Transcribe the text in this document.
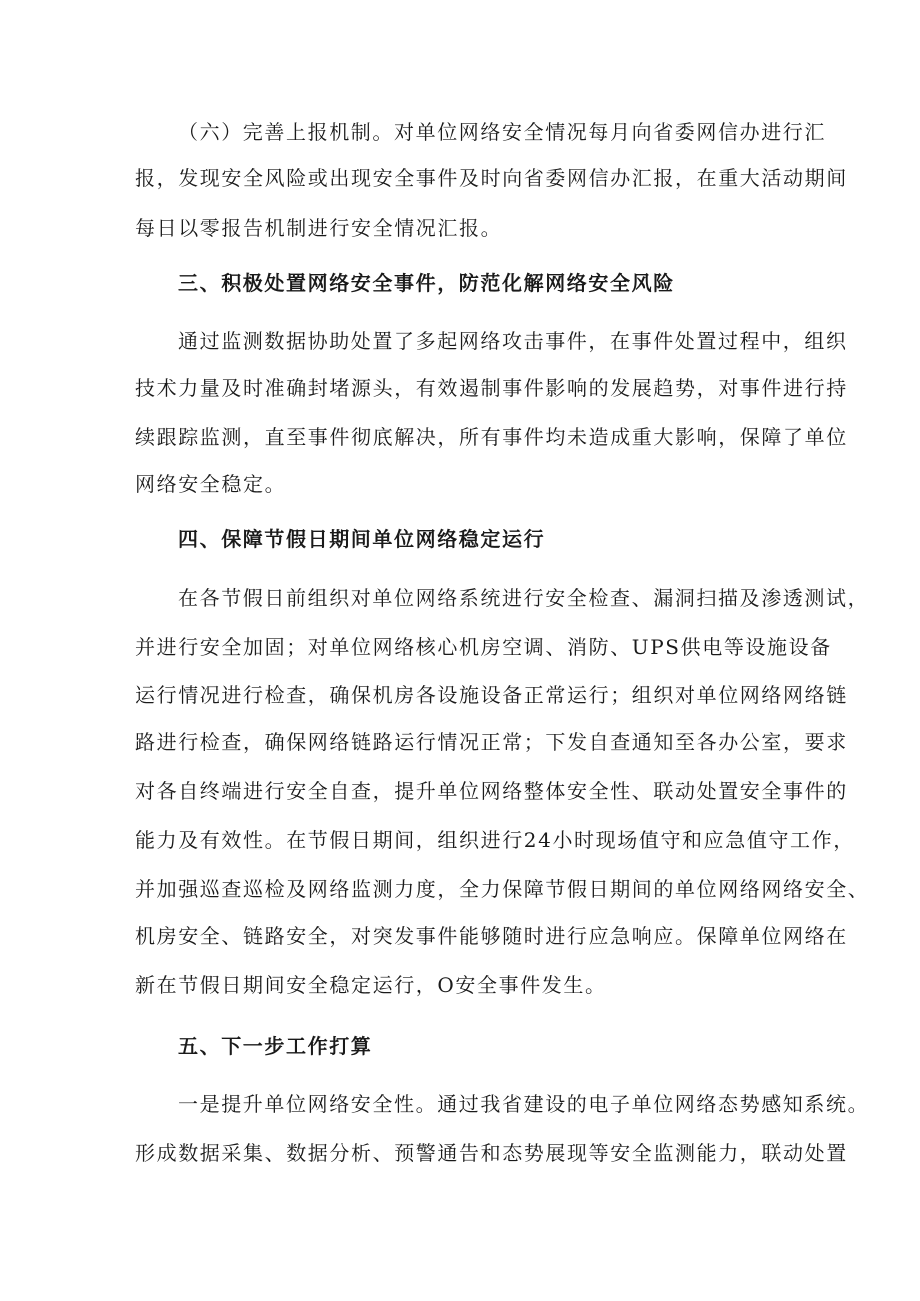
（六）完善上报机制。对单位网络安全情况每月向省委网信办进行汇
报，发现安全风险或出现安全事件及时向省委网信办汇报，在重大活动期间
每日以零报告机制进行安全情况汇报。
三、积极处置网络安全事件，防范化解网络安全风险
通过监测数据协助处置了多起网络攻击事件，在事件处置过程中，组织
技术力量及时准确封堵源头，有效遏制事件影响的发展趋势，对事件进行持
续跟踪监测，直至事件彻底解决，所有事件均未造成重大影响，保障了单位
网络安全稳定。
四、保障节假日期间单位网络稳定运行
在各节假日前组织对单位网络系统进行安全检查、漏洞扫描及渗透测试，
并进行安全加固；对单位网络核心机房空调、消防、UPS供电等设施设备
运行情况进行检查，确保机房各设施设备正常运行；组织对单位网络网络链
路进行检查，确保网络链路运行情况正常；下发自查通知至各办公室，要求
对各自终端进行安全自查，提升单位网络整体安全性、联动处置安全事件的
能力及有效性。在节假日期间，组织进行24小时现场值守和应急值守工作，
并加强巡查巡检及网络监测力度，全力保障节假日期间的单位网络网络安全、
机房安全、链路安全，对突发事件能够随时进行应急响应。保障单位网络在
新在节假日期间安全稳定运行，O安全事件发生。
五、下一步工作打算
一是提升单位网络安全性。通过我省建设的电子单位网络态势感知系统。
形成数据采集、数据分析、预警通告和态势展现等安全监测能力，联动处置
